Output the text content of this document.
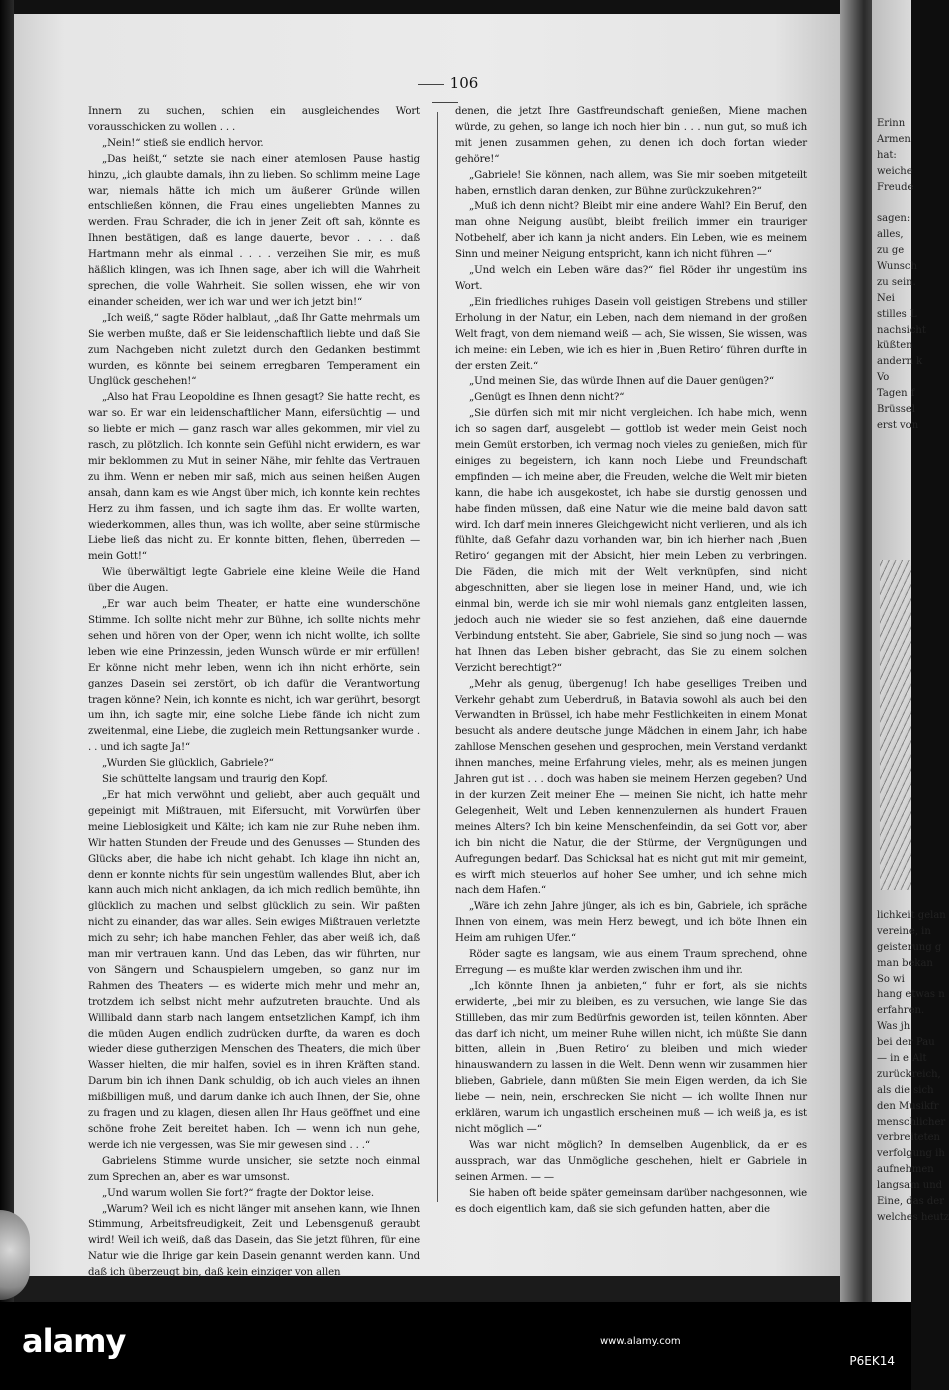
106

Innern zu suchen, schien ein ausgleichendes Wort vorausschicken zu wollen . . .

„Nein!“ stieß sie endlich hervor.

„Das heißt,“ setzte sie nach einer atemlosen Pause hastig hinzu, „ich glaubte damals, ihn zu lieben. So schlimm meine Lage war, niemals hätte ich mich um äußerer Gründe willen entschließen können, die Frau eines ungeliebten Mannes zu werden. Frau Schrader, die ich in jener Zeit oft sah, könnte es Ihnen bestätigen, daß es lange dauerte, bevor . . . . daß Hartmann mehr als einmal . . . . verzeihen Sie mir, es muß häßlich klingen, was ich Ihnen sage, aber ich will die Wahrheit sprechen, die volle Wahrheit. Sie sollen wissen, ehe wir von einander scheiden, wer ich war und wer ich jetzt bin!“

„Ich weiß,“ sagte Röder halblaut, „daß Ihr Gatte mehrmals um Sie werben mußte, daß er Sie leidenschaftlich liebte und daß Sie zum Nachgeben nicht zuletzt durch den Gedanken bestimmt wurden, es könnte bei seinem erregbaren Temperament ein Unglück geschehen!“

„Also hat Frau Leopoldine es Ihnen gesagt? Sie hatte recht, es war so. Er war ein leidenschaftlicher Mann, eifersüchtig — und so liebte er mich — ganz rasch war alles gekommen, mir viel zu rasch, zu plötzlich. Ich konnte sein Gefühl nicht erwidern, es war mir beklommen zu Mut in seiner Nähe, mir fehlte das Vertrauen zu ihm. Wenn er neben mir saß, mich aus seinen heißen Augen ansah, dann kam es wie Angst über mich, ich konnte kein rechtes Herz zu ihm fassen, und ich sagte ihm das. Er wollte warten, wiederkommen, alles thun, was ich wollte, aber seine stürmische Liebe ließ das nicht zu. Er konnte bitten, flehen, überreden — mein Gott!“

Wie überwältigt legte Gabriele eine kleine Weile die Hand über die Augen.

„Er war auch beim Theater, er hatte eine wunderschöne Stimme. Ich sollte nicht mehr zur Bühne, ich sollte nichts mehr sehen und hören von der Oper, wenn ich nicht wollte, ich sollte leben wie eine Prinzessin, jeden Wunsch würde er mir erfüllen! Er könne nicht mehr leben, wenn ich ihn nicht erhörte, sein ganzes Dasein sei zerstört, ob ich dafür die Verantwortung tragen könne? Nein, ich konnte es nicht, ich war gerührt, besorgt um ihn, ich sagte mir, eine solche Liebe fände ich nicht zum zweitenmal, eine Liebe, die zugleich mein Rettungsanker wurde . . . und ich sagte Ja!“

„Wurden Sie glücklich, Gabriele?“

Sie schüttelte langsam und traurig den Kopf.

„Er hat mich verwöhnt und geliebt, aber auch gequält und gepeinigt mit Mißtrauen, mit Eifersucht, mit Vorwürfen über meine Lieblosigkeit und Kälte; ich kam nie zur Ruhe neben ihm. Wir hatten Stunden der Freude und des Genusses — Stunden des Glücks aber, die habe ich nicht gehabt. Ich klage ihn nicht an, denn er konnte nichts für sein ungestüm wallendes Blut, aber ich kann auch mich nicht anklagen, da ich mich redlich bemühte, ihn glücklich zu machen und selbst glücklich zu sein. Wir paßten nicht zu einander, das war alles. Sein ewiges Mißtrauen verletzte mich zu sehr; ich habe manchen Fehler, das aber weiß ich, daß man mir vertrauen kann. Und das Leben, das wir führten, nur von Sängern und Schauspielern umgeben, so ganz nur im Rahmen des Theaters — es widerte mich mehr und mehr an, trotzdem ich selbst nicht mehr aufzutreten brauchte. Und als Willibald dann starb nach langem entsetzlichen Kampf, ich ihm die müden Augen endlich zudrücken durfte, da waren es doch wieder diese gutherzigen Menschen des Theaters, die mich über Wasser hielten, die mir halfen, soviel es in ihren Kräften stand. Darum bin ich ihnen Dank schuldig, ob ich auch vieles an ihnen mißbilligen muß, und darum danke ich auch Ihnen, der Sie, ohne zu fragen und zu klagen, diesen allen Ihr Haus geöffnet und eine schöne frohe Zeit bereitet haben. Ich — wenn ich nun gehe, werde ich nie vergessen, was Sie mir gewesen sind . . .“

Gabrielens Stimme wurde unsicher, sie setzte noch einmal zum Sprechen an, aber es war umsonst.

„Und warum wollen Sie fort?“ fragte der Doktor leise.

„Warum? Weil ich es nicht länger mit ansehen kann, wie Ihnen Stimmung, Arbeitsfreudigkeit, Zeit und Lebensgenuß geraubt wird! Weil ich weiß, daß das Dasein, das Sie jetzt führen, für eine Natur wie die Ihrige gar kein Dasein genannt werden kann. Und daß ich überzeugt bin, daß kein einziger von allen

denen, die jetzt Ihre Gastfreundschaft genießen, Miene machen würde, zu gehen, so lange ich noch hier bin . . . nun gut, so muß ich mit jenen zusammen gehen, zu denen ich doch fortan wieder gehöre!“

„Gabriele! Sie können, nach allem, was Sie mir soeben mitgeteilt haben, ernstlich daran denken, zur Bühne zurückzukehren?“

„Muß ich denn nicht? Bleibt mir eine andere Wahl? Ein Beruf, den man ohne Neigung ausübt, bleibt freilich immer ein trauriger Notbehelf, aber ich kann ja nicht anders. Ein Leben, wie es meinem Sinn und meiner Neigung entspricht, kann ich nicht führen —“

„Und welch ein Leben wäre das?“ fiel Röder ihr ungestüm ins Wort.

„Ein friedliches ruhiges Dasein voll geistigen Strebens und stiller Erholung in der Natur, ein Leben, nach dem niemand in der großen Welt fragt, von dem niemand weiß — ach, Sie wissen, Sie wissen, was ich meine: ein Leben, wie ich es hier in ‚Buen Retiro‘ führen durfte in der ersten Zeit.“

„Und meinen Sie, das würde Ihnen auf die Dauer genügen?“

„Genügt es Ihnen denn nicht?“

„Sie dürfen sich mit mir nicht vergleichen. Ich habe mich, wenn ich so sagen darf, ausgelebt — gottlob ist weder mein Geist noch mein Gemüt erstorben, ich vermag noch vieles zu genießen, mich für einiges zu begeistern, ich kann noch Liebe und Freundschaft empfinden — ich meine aber, die Freuden, welche die Welt mir bieten kann, die habe ich ausgekostet, ich habe sie durstig genossen und habe finden müssen, daß eine Natur wie die meine bald davon satt wird. Ich darf mein inneres Gleichgewicht nicht verlieren, und als ich fühlte, daß Gefahr dazu vorhanden war, bin ich hierher nach ‚Buen Retiro‘ gegangen mit der Absicht, hier mein Leben zu verbringen. Die Fäden, die mich mit der Welt verknüpfen, sind nicht abgeschnitten, aber sie liegen lose in meiner Hand, und, wie ich einmal bin, werde ich sie mir wohl niemals ganz entgleiten lassen, jedoch auch nie wieder sie so fest anziehen, daß eine dauernde Verbindung entsteht. Sie aber, Gabriele, Sie sind so jung noch — was hat Ihnen das Leben bisher gebracht, das Sie zu einem solchen Verzicht berechtigt?“

„Mehr als genug, übergenug! Ich habe geselliges Treiben und Verkehr gehabt zum Ueberdruß, in Batavia sowohl als auch bei den Verwandten in Brüssel, ich habe mehr Festlichkeiten in einem Monat besucht als andere deutsche junge Mädchen in einem Jahr, ich habe zahllose Menschen gesehen und gesprochen, mein Verstand verdankt ihnen manches, meine Erfahrung vieles, mehr, als es meinen jungen Jahren gut ist . . . doch was haben sie meinem Herzen gegeben? Und in der kurzen Zeit meiner Ehe — meinen Sie nicht, ich hatte mehr Gelegenheit, Welt und Leben kennenzulernen als hundert Frauen meines Alters? Ich bin keine Menschenfeindin, da sei Gott vor, aber ich bin nicht die Natur, die der Stürme, der Vergnügungen und Aufregungen bedarf. Das Schicksal hat es nicht gut mit mir gemeint, es wirft mich steuerlos auf hoher See umher, und ich sehne mich nach dem Hafen.“

„Wäre ich zehn Jahre jünger, als ich es bin, Gabriele, ich spräche Ihnen von einem, was mein Herz bewegt, und ich böte Ihnen ein Heim am ruhigen Ufer.“

Röder sagte es langsam, wie aus einem Traum sprechend, ohne Erregung — es mußte klar werden zwischen ihm und ihr.

„Ich könnte Ihnen ja anbieten,“ fuhr er fort, als sie nichts erwiderte, „bei mir zu bleiben, es zu versuchen, wie lange Sie das Stillleben, das mir zum Bedürfnis geworden ist, teilen könnten. Aber das darf ich nicht, um meiner Ruhe willen nicht, ich müßte Sie dann bitten, allein in ‚Buen Retiro‘ zu bleiben und mich wieder hinauswandern zu lassen in die Welt. Denn wenn wir zusammen hier blieben, Gabriele, dann müßten Sie mein Eigen werden, da ich Sie liebe — nein, nein, erschrecken Sie nicht — ich wollte Ihnen nur erklären, warum ich ungastlich erscheinen muß — ich weiß ja, es ist nicht möglich —“

Was war nicht möglich? In demselben Augenblick, da er es aussprach, war das Unmögliche geschehen, hielt er Gabriele in seinen Armen. — —

Sie haben oft beide später gemeinsam darüber nachgesonnen, wie es doch eigentlich kam, daß sie sich gefunden hatten, aber die

Erinn
Armen
hat:
weiche
Freude
sagen:
alles,
zu ge
Wunsch
zu sein.
Nei
stilles L
nachsicht
küßten
andern k
Vo
Tagen f
Brüssel
erst von
lichkeit gelan
vereine, in
geisterung g
man bekan
So wi
hang etwas n
erfahren.
Was jh
bei der Pau
— in e Alt
zurückreich,
als die sich
den Musikfr
menschlicher
verbreiteten
verfolgung ih
aufnehmen
langsam und
Eine, das der
welches heutz
alamy	www.alamy.com
P6EK14
